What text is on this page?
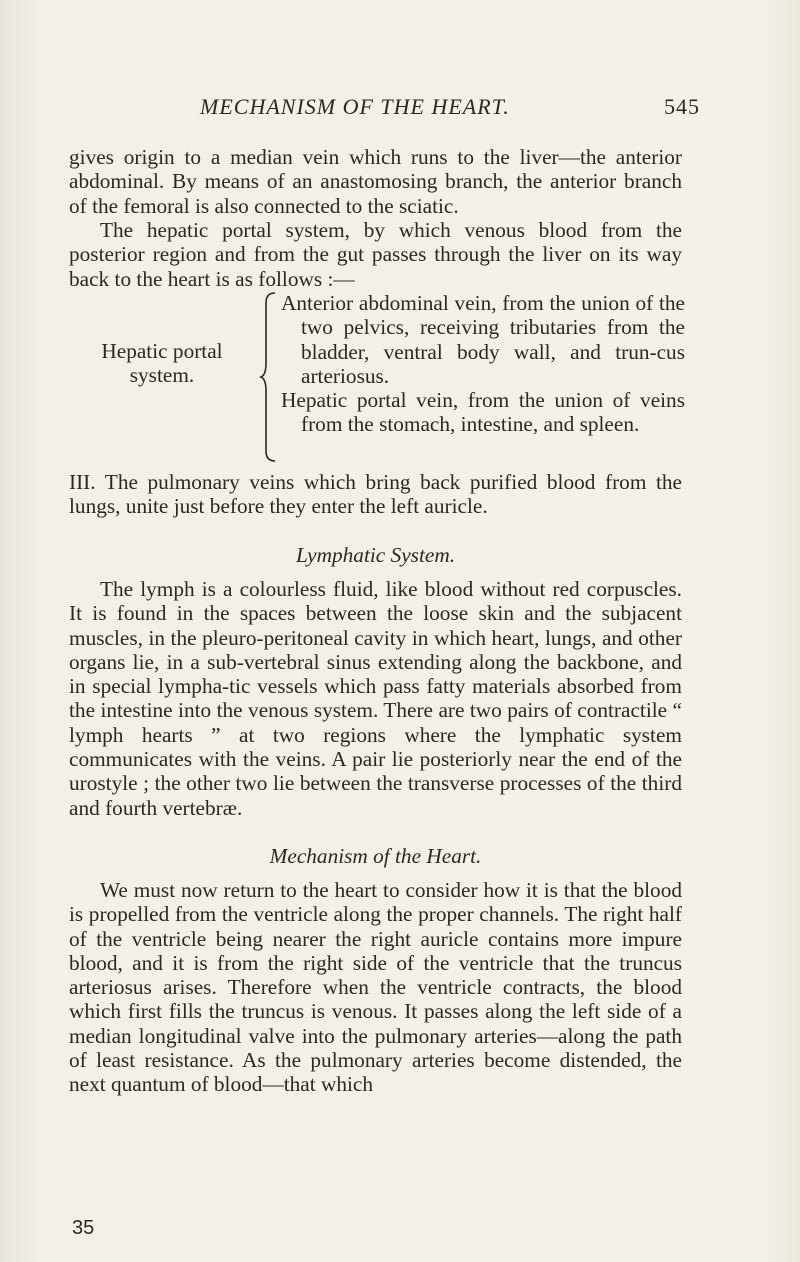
MECHANISM OF THE HEART.	545
gives origin to a median vein which runs to the liver—the anterior abdominal. By means of an anastomosing branch, the anterior branch of the femoral is also connected to the sciatic.
The hepatic portal system, by which venous blood from the posterior region and from the gut passes through the liver on its way back to the heart is as follows :—
Hepatic portal
system.
Anterior abdominal vein, from the union of the two pelvics, receiving tributaries from the bladder, ventral body wall, and trun-cus arteriosus.
Hepatic portal vein, from the union of veins from the stomach, intestine, and spleen.
III. The pulmonary veins which bring back purified blood from the lungs, unite just before they enter the left auricle.
Lymphatic System.
The lymph is a colourless fluid, like blood without red corpuscles. It is found in the spaces between the loose skin and the subjacent muscles, in the pleuro-peritoneal cavity in which heart, lungs, and other organs lie, in a sub-vertebral sinus extending along the backbone, and in special lympha-tic vessels which pass fatty materials absorbed from the intestine into the venous system. There are two pairs of contractile “ lymph hearts ” at two regions where the lymphatic system communicates with the veins. A pair lie posteriorly near the end of the urostyle ; the other two lie between the transverse processes of the third and fourth vertebræ.
Mechanism of the Heart.
We must now return to the heart to consider how it is that the blood is propelled from the ventricle along the proper channels. The right half of the ventricle being nearer the right auricle contains more impure blood, and it is from the right side of the ventricle that the truncus arteriosus arises. Therefore when the ventricle contracts, the blood which first fills the truncus is venous. It passes along the left side of a median longitudinal valve into the pulmonary arteries—along the path of least resistance. As the pulmonary arteries become distended, the next quantum of blood—that which
35
